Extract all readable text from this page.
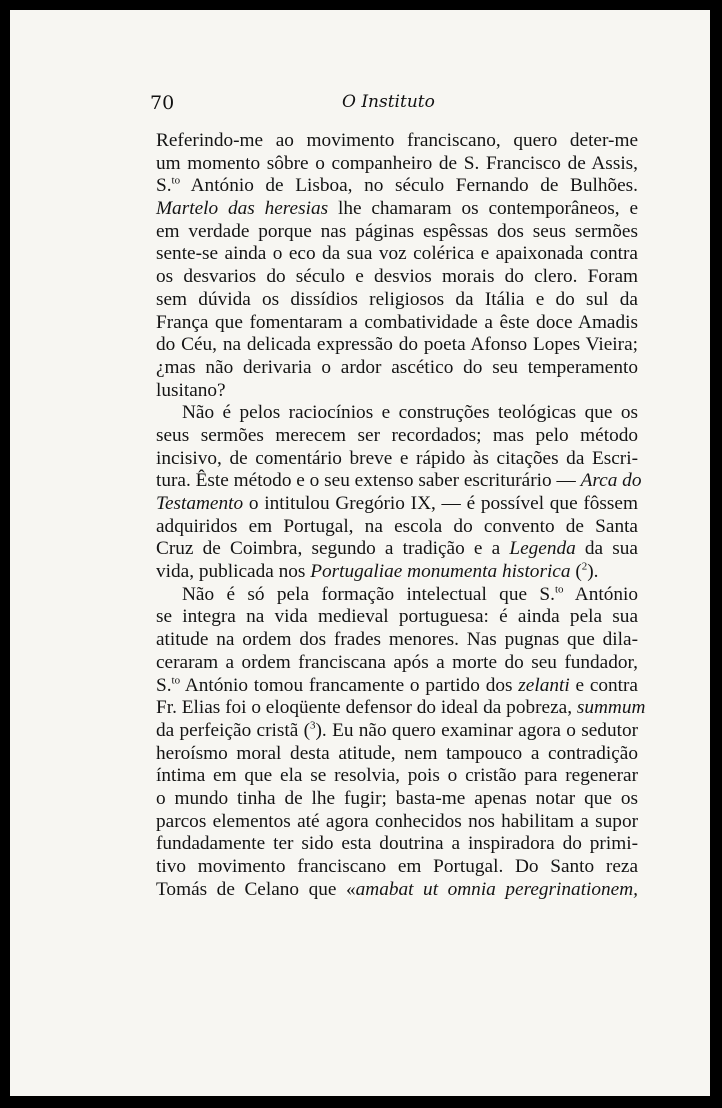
70	O Instituto
Referindo-me ao movimento franciscano, quero deter-me
um momento sôbre o companheiro de S. Francisco de Assis,
S.$^{to}$ António de Lisboa, no século Fernando de Bulhões.
Martelo das heresias lhe chamaram os contemporâneos, e
em verdade porque nas páginas espêssas dos seus sermões
sente-se ainda o eco da sua voz colérica e apaixonada contra
os desvarios do século e desvios morais do clero. Foram
sem dúvida os dissídios religiosos da Itália e do sul da
França que fomentaram a combatividade a êste doce Amadis
do Céu, na delicada expressão do poeta Afonso Lopes Vieira;
¿mas não derivaria o ardor ascético do seu temperamento
lusitano?
Não é pelos raciocínios e construções teológicas que os
seus sermões merecem ser recordados; mas pelo método
incisivo, de comentário breve e rápido às citações da Escri-
tura. Êste método e o seu extenso saber escriturário — Arca do
Testamento o intitulou Gregório IX, — é possível que fôssem
adquiridos em Portugal, na escola do convento de Santa
Cruz de Coimbra, segundo a tradição e a Legenda da sua
vida, publicada nos Portugaliae monumenta historica ($^2$).
Não é só pela formação intelectual que S.$^{to}$ António
se integra na vida medieval portuguesa: é ainda pela sua
atitude na ordem dos frades menores. Nas pugnas que dila-
ceraram a ordem franciscana após a morte do seu fundador,
S.$^{to}$ António tomou francamente o partido dos zelanti e contra
Fr. Elias foi o eloqüente defensor do ideal da pobreza, summum
da perfeição cristã ($^3$). Eu não quero examinar agora o sedutor
heroísmo moral desta atitude, nem tampouco a contradição
íntima em que ela se resolvia, pois o cristão para regenerar
o mundo tinha de lhe fugir; basta-me apenas notar que os
parcos elementos até agora conhecidos nos habilitam a supor
fundadamente ter sido esta doutrina a inspiradora do primi-
tivo movimento franciscano em Portugal. Do Santo reza
Tomás de Celano que «amabat ut omnia peregrinationem,
